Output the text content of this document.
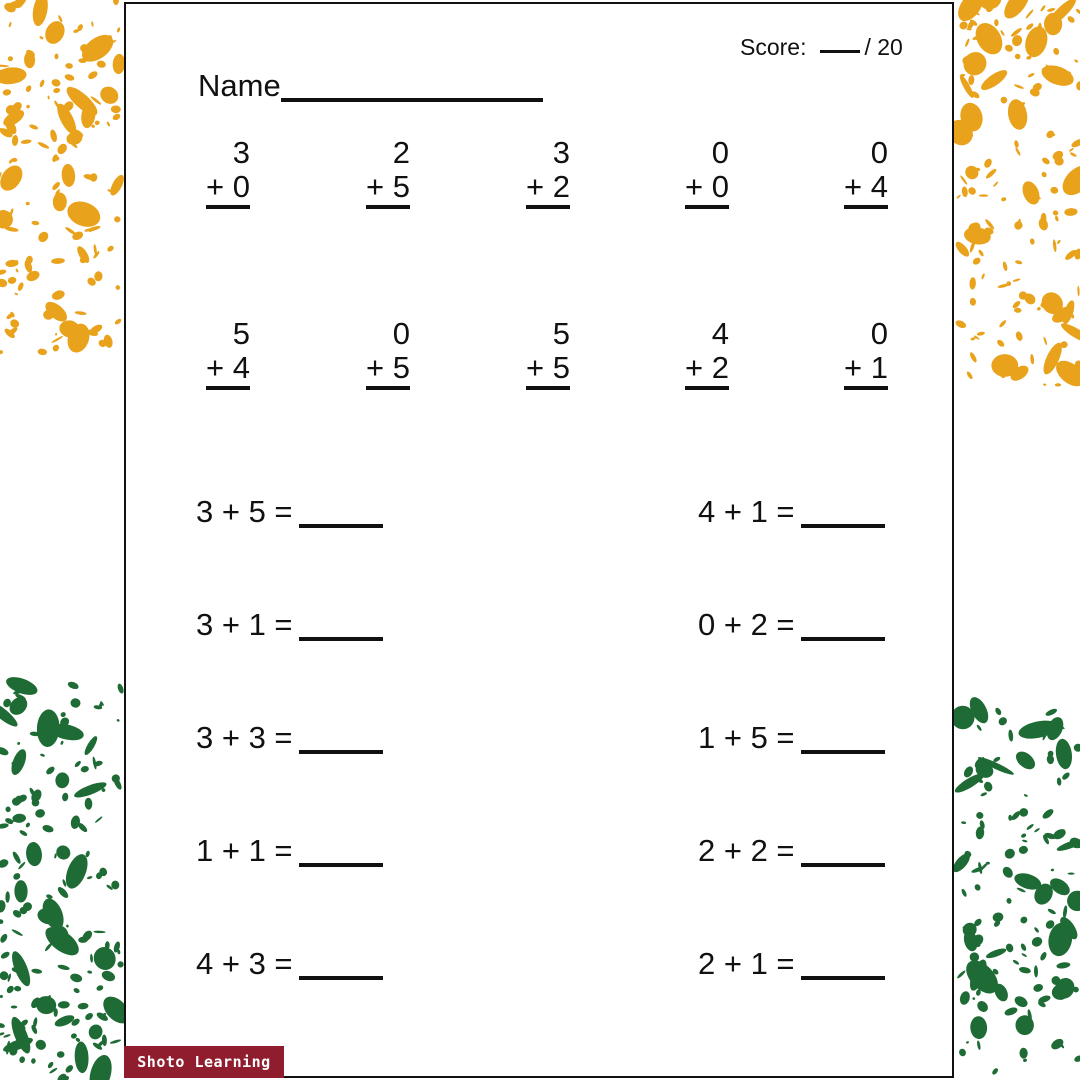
Score:	/ 20
Name
3
+ 0
2
+ 5
3
+ 2
0
+ 0
0
+ 4
5
+ 4
0
+ 5
5
+ 5
4
+ 2
0
+ 1
3 + 5 =	4 + 1 =
3 + 1 =	0 + 2 =
3 + 3 =	1 + 5 =
1 + 1 =	2 + 2 =
4 + 3 =	2 + 1 =
Shoto Learning
